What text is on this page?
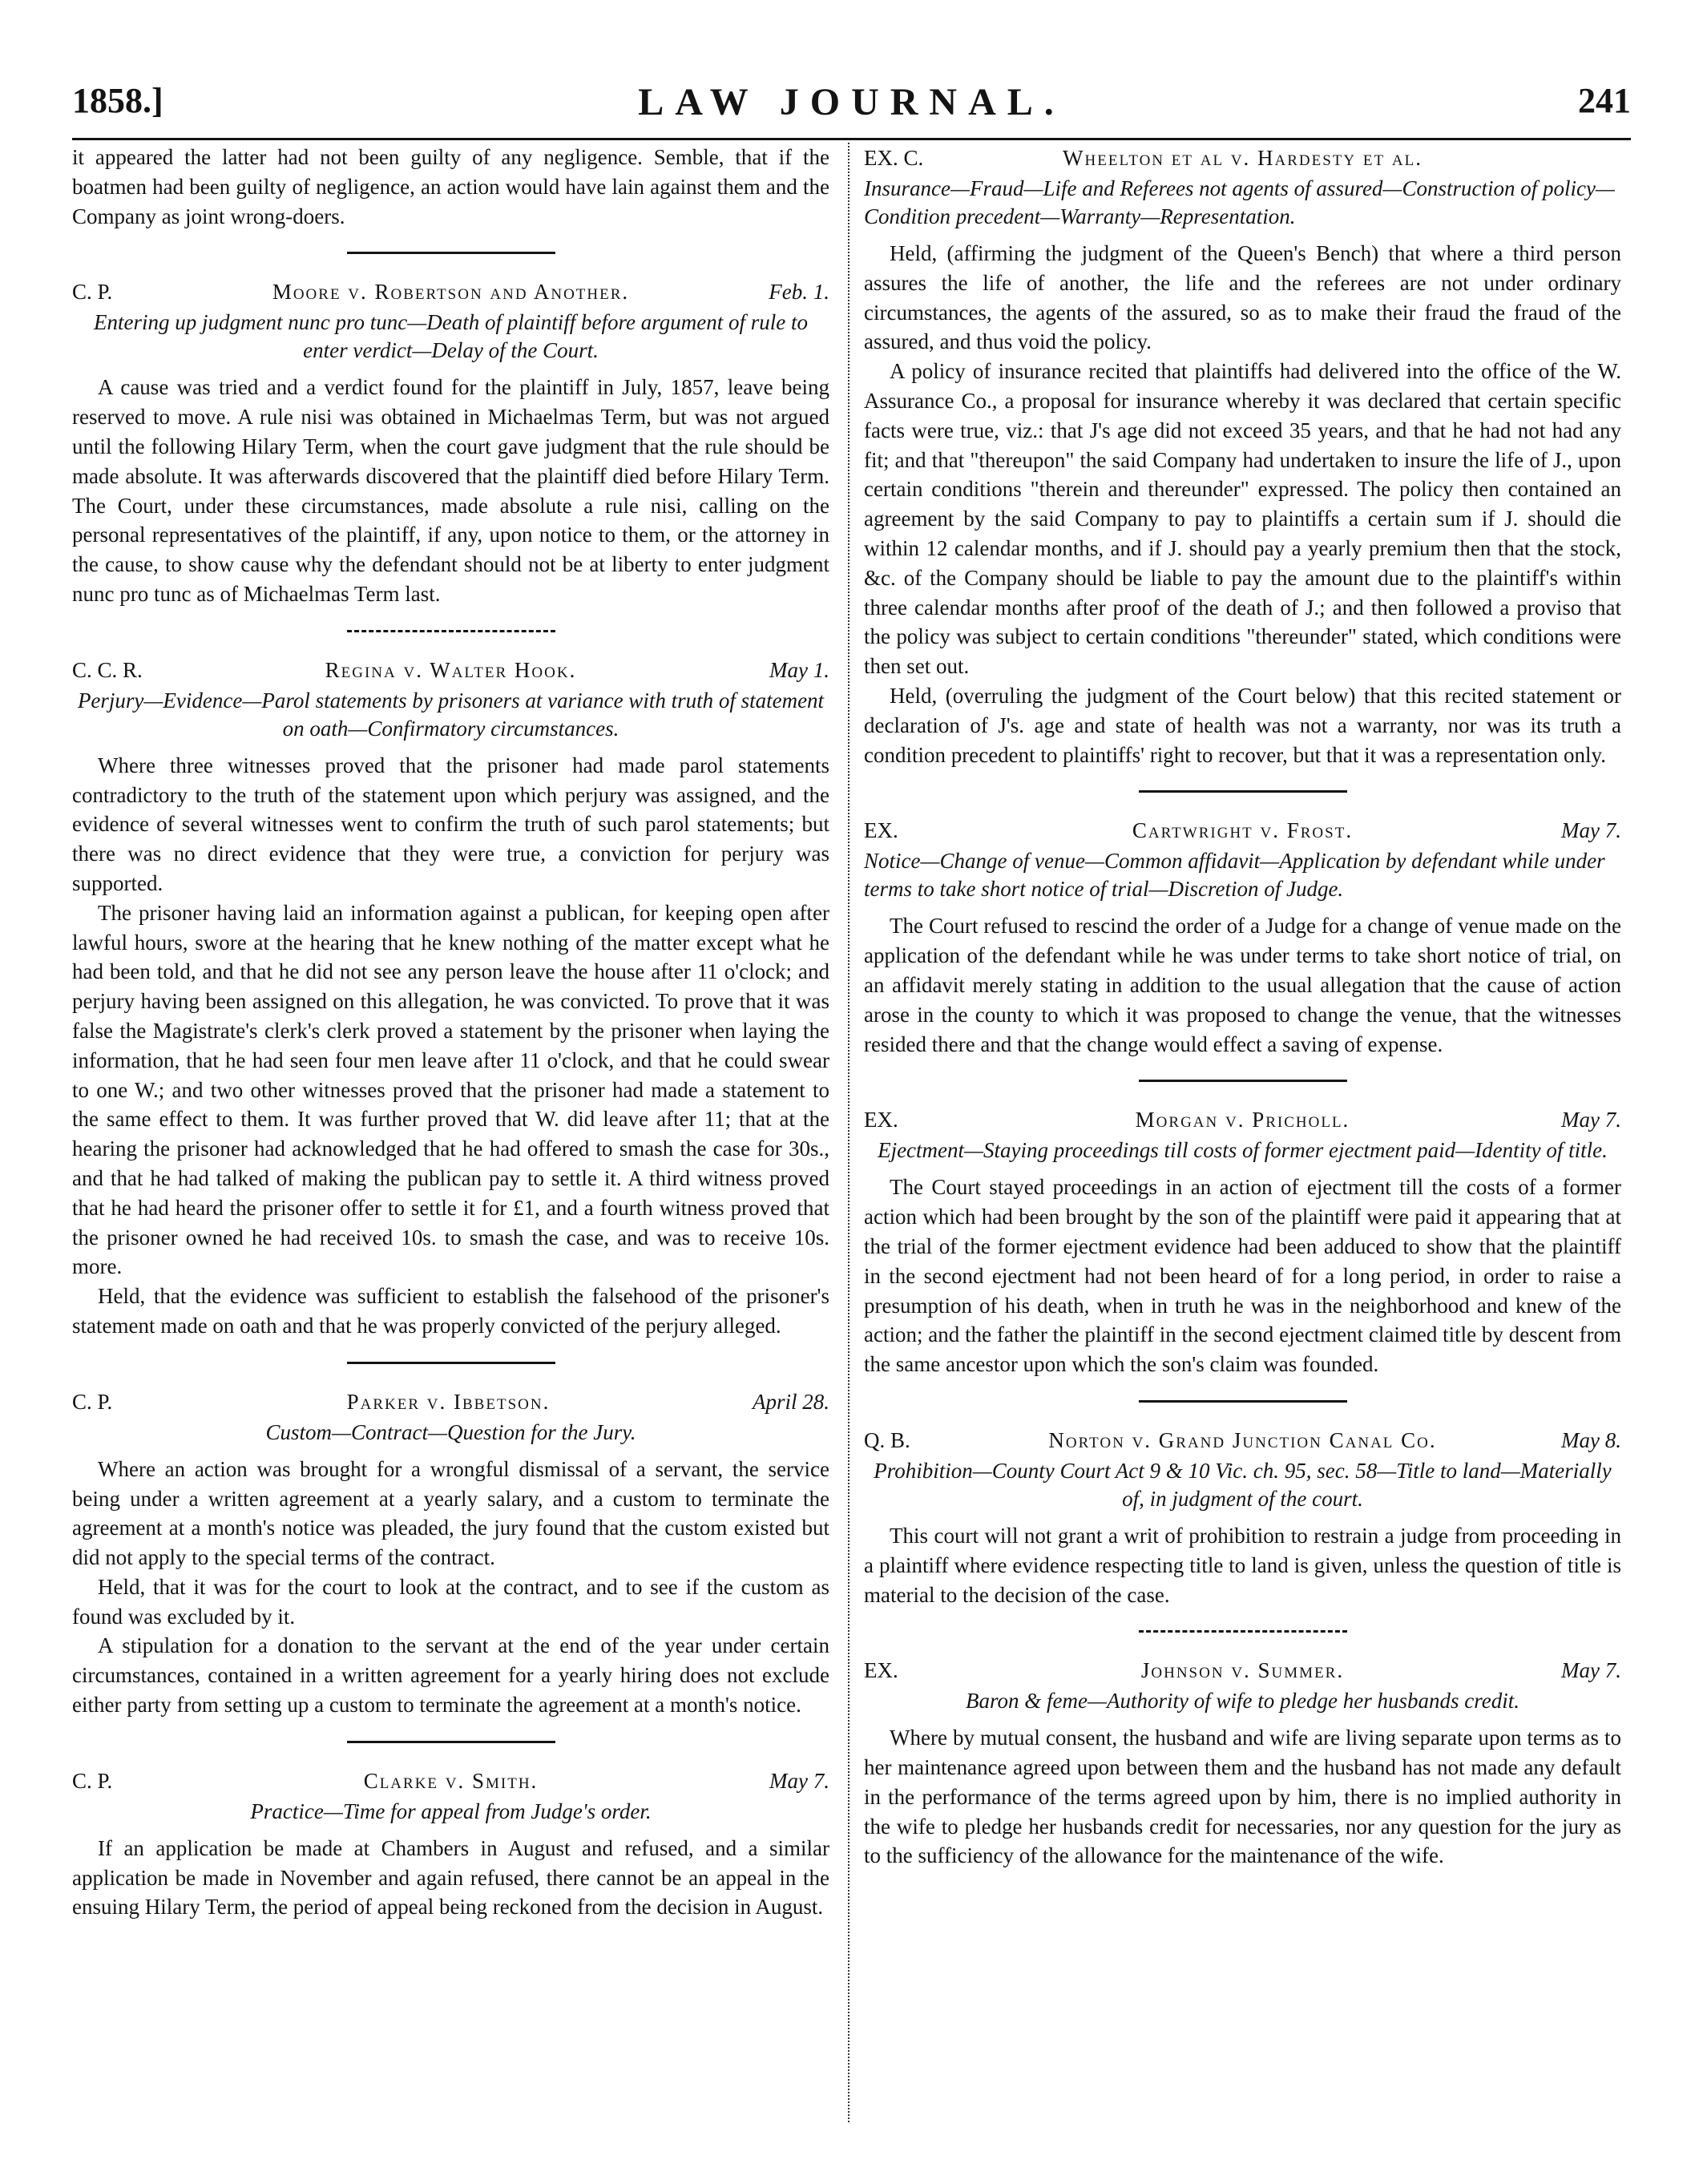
1858.]	LAW JOURNAL.	241

it appeared the latter had not been guilty of any negligence. Semble, that if the boatmen had been guilty of negligence, an action would have lain against them and the Company as joint wrong-doers.

C. P.	Moore v. Robertson and Another.	Feb. 1.
Entering up judgment nunc pro tunc—Death of plaintiff before argument of rule to enter verdict—Delay of the Court.

A cause was tried and a verdict found for the plaintiff in July, 1857, leave being reserved to move. A rule nisi was obtained in Michaelmas Term, but was not argued until the following Hilary Term, when the court gave judgment that the rule should be made absolute. It was afterwards discovered that the plaintiff died before Hilary Term. The Court, under these circumstances, made absolute a rule nisi, calling on the personal representatives of the plaintiff, if any, upon notice to them, or the attorney in the cause, to show cause why the defendant should not be at liberty to enter judgment nunc pro tunc as of Michaelmas Term last.

C. C. R.	Regina v. Walter Hook.	May 1.
Perjury—Evidence—Parol statements by prisoners at variance with truth of statement on oath—Confirmatory circumstances.

Where three witnesses proved that the prisoner had made parol statements contradictory to the truth of the statement upon which perjury was assigned, and the evidence of several witnesses went to confirm the truth of such parol statements; but there was no direct evidence that they were true, a conviction for perjury was supported.

The prisoner having laid an information against a publican, for keeping open after lawful hours, swore at the hearing that he knew nothing of the matter except what he had been told, and that he did not see any person leave the house after 11 o'clock; and perjury having been assigned on this allegation, he was convicted. To prove that it was false the Magistrate's clerk's clerk proved a statement by the prisoner when laying the information, that he had seen four men leave after 11 o'clock, and that he could swear to one W.; and two other witnesses proved that the prisoner had made a statement to the same effect to them. It was further proved that W. did leave after 11; that at the hearing the prisoner had acknowledged that he had offered to smash the case for 30s., and that he had talked of making the publican pay to settle it. A third witness proved that he had heard the prisoner offer to settle it for £1, and a fourth witness proved that the prisoner owned he had received 10s. to smash the case, and was to receive 10s. more.

Held, that the evidence was sufficient to establish the falsehood of the prisoner's statement made on oath and that he was properly convicted of the perjury alleged.

C. P.	Parker v. Ibbetson.	April 28.
Custom—Contract—Question for the Jury.

Where an action was brought for a wrongful dismissal of a servant, the service being under a written agreement at a yearly salary, and a custom to terminate the agreement at a month's notice was pleaded, the jury found that the custom existed but did not apply to the special terms of the contract.

Held, that it was for the court to look at the contract, and to see if the custom as found was excluded by it.

A stipulation for a donation to the servant at the end of the year under certain circumstances, contained in a written agreement for a yearly hiring does not exclude either party from setting up a custom to terminate the agreement at a month's notice.

C. P.	Clarke v. Smith.	May 7.
Practice—Time for appeal from Judge's order.

If an application be made at Chambers in August and refused, and a similar application be made in November and again refused, there cannot be an appeal in the ensuing Hilary Term, the period of appeal being reckoned from the decision in August.

EX. C.	Wheelton et al v. Hardesty et al.
Insurance—Fraud—Life and Referees not agents of assured—Construction of policy—Condition precedent—Warranty—Representation.

Held, (affirming the judgment of the Queen's Bench) that where a third person assures the life of another, the life and the referees are not under ordinary circumstances, the agents of the assured, so as to make their fraud the fraud of the assured, and thus void the policy.

A policy of insurance recited that plaintiffs had delivered into the office of the W. Assurance Co., a proposal for insurance whereby it was declared that certain specific facts were true, viz.: that J's age did not exceed 35 years, and that he had not had any fit; and that "thereupon" the said Company had undertaken to insure the life of J., upon certain conditions "therein and thereunder" expressed. The policy then contained an agreement by the said Company to pay to plaintiffs a certain sum if J. should die within 12 calendar months, and if J. should pay a yearly premium then that the stock, &c. of the Company should be liable to pay the amount due to the plaintiff's within three calendar months after proof of the death of J.; and then followed a proviso that the policy was subject to certain conditions "thereunder" stated, which conditions were then set out.

Held, (overruling the judgment of the Court below) that this recited statement or declaration of J's. age and state of health was not a warranty, nor was its truth a condition precedent to plaintiffs' right to recover, but that it was a representation only.

EX.	Cartwright v. Frost.	May 7.
Notice—Change of venue—Common affidavit—Application by defendant while under terms to take short notice of trial—Discretion of Judge.

The Court refused to rescind the order of a Judge for a change of venue made on the application of the defendant while he was under terms to take short notice of trial, on an affidavit merely stating in addition to the usual allegation that the cause of action arose in the county to which it was proposed to change the venue, that the witnesses resided there and that the change would effect a saving of expense.

EX.	Morgan v. Pricholl.	May 7.
Ejectment—Staying proceedings till costs of former ejectment paid—Identity of title.

The Court stayed proceedings in an action of ejectment till the costs of a former action which had been brought by the son of the plaintiff were paid it appearing that at the trial of the former ejectment evidence had been adduced to show that the plaintiff in the second ejectment had not been heard of for a long period, in order to raise a presumption of his death, when in truth he was in the neighborhood and knew of the action; and the father the plaintiff in the second ejectment claimed title by descent from the same ancestor upon which the son's claim was founded.

Q. B.	Norton v. Grand Junction Canal Co.	May 8.
Prohibition—County Court Act 9 & 10 Vic. ch. 95, sec. 58—Title to land—Materially of, in judgment of the court.

This court will not grant a writ of prohibition to restrain a judge from proceeding in a plaintiff where evidence respecting title to land is given, unless the question of title is material to the decision of the case.

EX.	Johnson v. Summer.	May 7.
Baron & feme—Authority of wife to pledge her husbands credit.

Where by mutual consent, the husband and wife are living separate upon terms as to her maintenance agreed upon between them and the husband has not made any default in the performance of the terms agreed upon by him, there is no implied authority in the wife to pledge her husbands credit for necessaries, nor any question for the jury as to the sufficiency of the allowance for the maintenance of the wife.
